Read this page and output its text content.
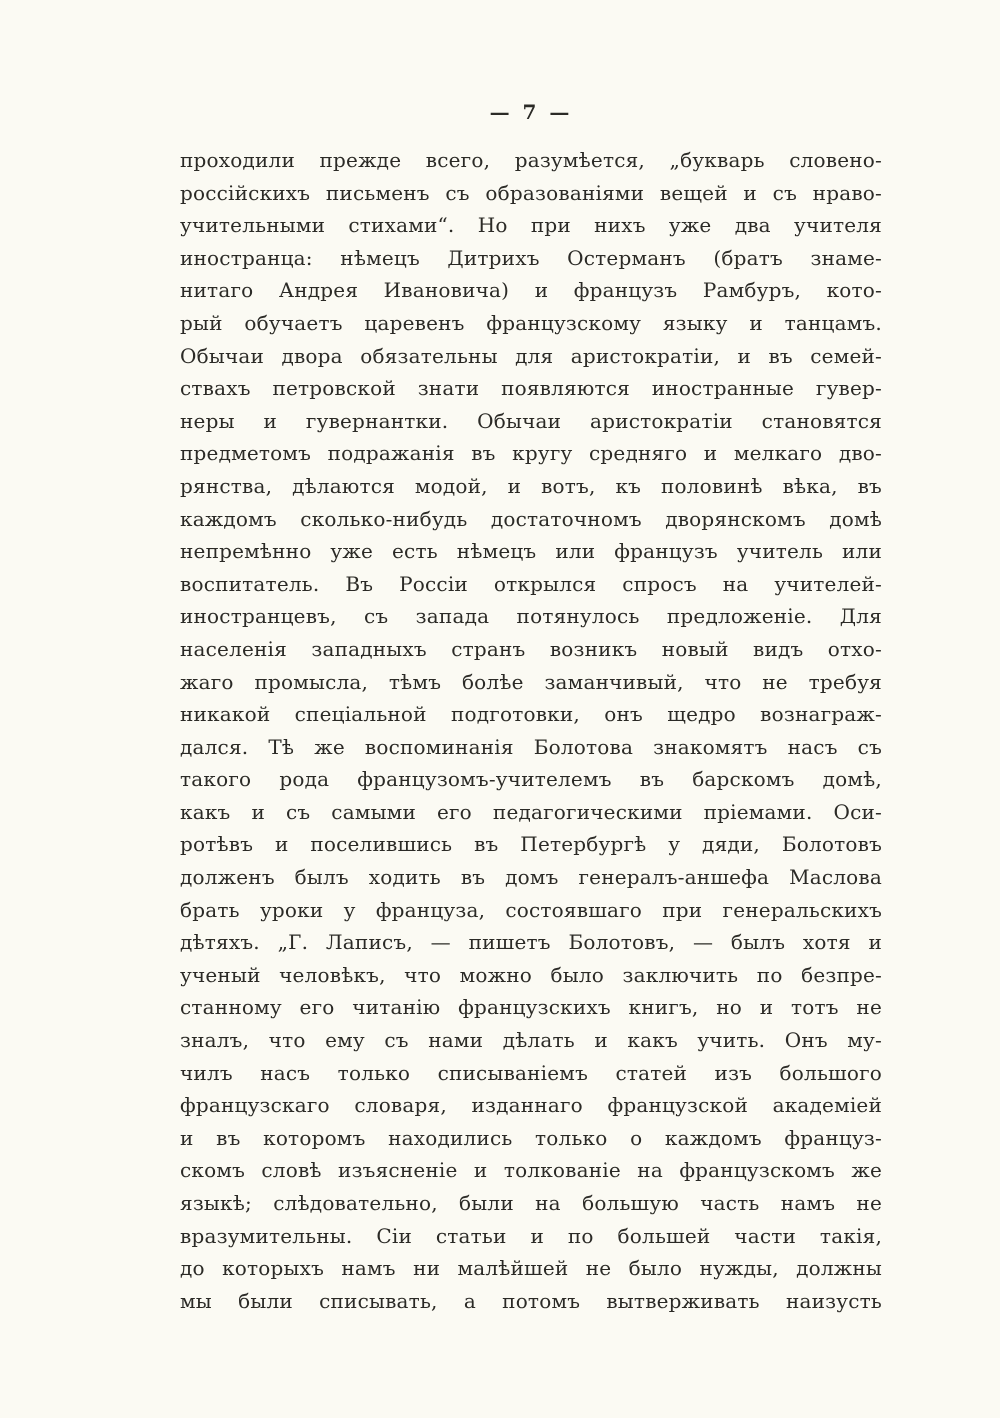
— 7 —
проходили прежде всего, разумѣется, „букварь словено-
россійскихъ письменъ съ образованіями вещей и съ нраво-
учительными стихами“. Но при нихъ уже два учителя
иностранца: нѣмецъ Дитрихъ Остерманъ (братъ знаме-
нитаго Андрея Ивановича) и французъ Рамбуръ, кото-
рый обучаетъ царевенъ французскому языку и танцамъ.
Обычаи двора обязательны для аристократіи, и въ семей-
ствахъ петровской знати появляются иностранные гувер-
неры и гувернантки. Обычаи аристократіи становятся
предметомъ подражанія въ кругу средняго и мелкаго дво-
рянства, дѣлаются модой, и вотъ, къ половинѣ вѣка, въ
каждомъ сколько-нибудь достаточномъ дворянскомъ домѣ
непремѣнно уже есть нѣмецъ или французъ учитель или
воспитатель. Въ Россіи открылся спросъ на учителей-
иностранцевъ, съ запада потянулось предложеніе. Для
населенія западныхъ странъ возникъ новый видъ отхо-
жаго промысла, тѣмъ болѣе заманчивый, что не требуя
никакой спеціальной подготовки, онъ щедро вознаграж-
дался. Тѣ же воспоминанія Болотова знакомятъ насъ съ
такого рода французомъ-учителемъ въ барскомъ домѣ,
какъ и съ самыми его педагогическими пріемами. Оси-
ротѣвъ и поселившись въ Петербургѣ у дяди, Болотовъ
долженъ былъ ходить въ домъ генералъ-аншефа Маслова
брать уроки у француза, состоявшаго при генеральскихъ
дѣтяхъ. „Г. Лаписъ, — пишетъ Болотовъ, — былъ хотя и
ученый человѣкъ, что можно было заключить по безпре-
станному его читанію французскихъ книгъ, но и тотъ не
зналъ, что ему съ нами дѣлать и какъ учить. Онъ му-
чилъ насъ только списываніемъ статей изъ большого
французскаго словаря, изданнаго французской академіей
и въ которомъ находились только о каждомъ француз-
скомъ словѣ изъясненіе и толкованіе на французскомъ же
языкѣ; слѣдовательно, были на большую часть намъ не
вразумительны. Сіи статьи и по большей части такія,
до которыхъ намъ ни малѣйшей не было нужды, должны
мы были списывать, а потомъ вытверживать наизусть
